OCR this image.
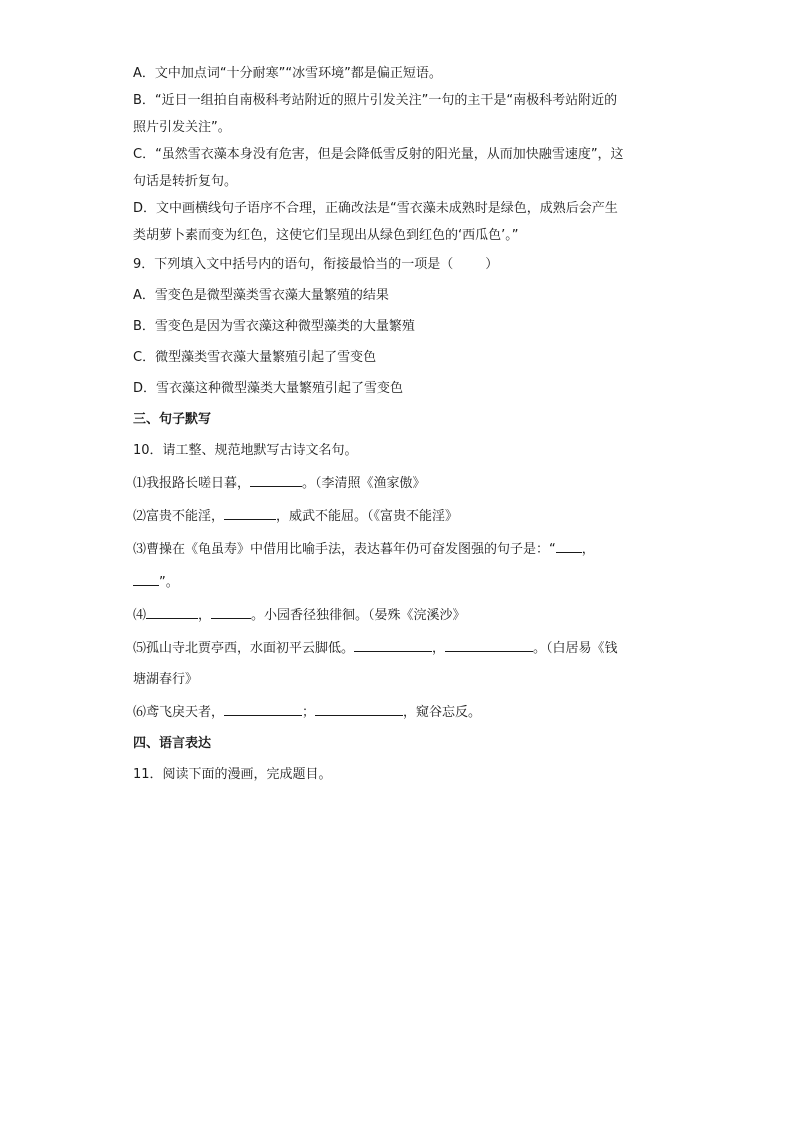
A．文中加点词“十分耐寒”“冰雪环境”都是偏正短语。
B．“近日一组拍自南极科考站附近的照片引发关注”一句的主干是“南极科考站附近的
照片引发关注”。
C．“虽然雪衣藻本身没有危害，但是会降低雪反射的阳光量，从而加快融雪速度”，这
句话是转折复句。
D．文中画横线句子语序不合理，正确改法是“雪衣藻未成熟时是绿色，成熟后会产生
类胡萝卜素而变为红色，这使它们呈现出从绿色到红色的‘西瓜色’。”
9．下列填入文中括号内的语句，衔接最恰当的一项是（ ）
A．雪变色是微型藻类雪衣藻大量繁殖的结果
B．雪变色是因为雪衣藻这种微型藻类的大量繁殖
C．微型藻类雪衣藻大量繁殖引起了雪变色
D．雪衣藻这种微型藻类大量繁殖引起了雪变色
三、句子默写
10．请工整、规范地默写古诗文名句。
⑴我报路长嗟日暮，	。（李清照《渔家傲》
⑵富贵不能淫，	，威武不能屈。（《富贵不能淫》
⑶曹操在《龟虽寿》中借用比喻手法，表达暮年仍可奋发图强的句子是：“ ，
”。
⑷	，	。小园香径独徘徊。（晏殊《浣溪沙》
⑸孤山寺北贾亭西，水面初平云脚低。	，	。（白居易《钱
塘湖春行》
⑹鸢飞戾天者，	；	，窥谷忘反。
四、语言表达
11．阅读下面的漫画，完成题目。
